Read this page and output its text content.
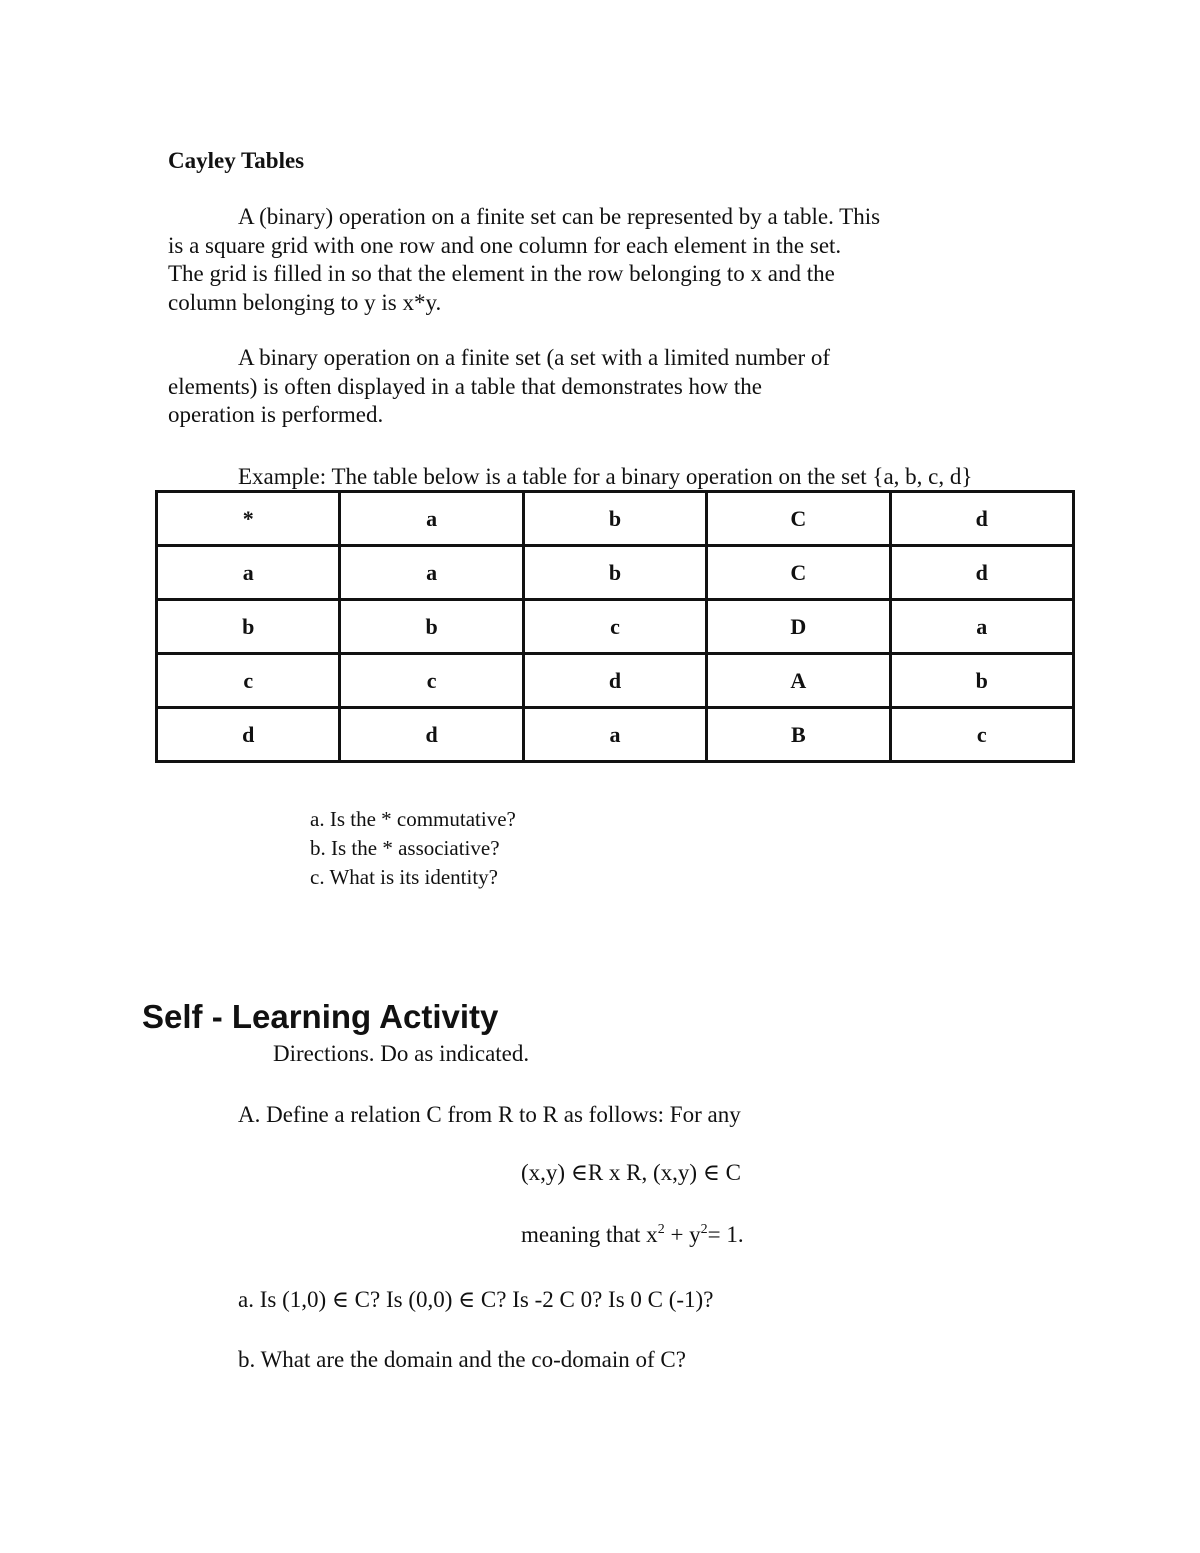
Cayley Tables
A (binary) operation on a finite set can be represented by a table. This
is a square grid with one row and one column for each element in the set.
The grid is filled in so that the element in the row belonging to x and the
column belonging to y is x*y.
A binary operation on a finite set (a set with a limited number of
elements) is often displayed in a table that demonstrates how the
operation is performed.
Example: The table below is a table for a binary operation on the set {a, b, c, d}
*	a	b	C	d
a	a	b	C	d
b	b	c	D	a
c	c	d	A	b
d	d	a	B	c
a. Is the * commutative?
b. Is the * associative?
c. What is its identity?
Self - Learning Activity
Directions. Do as indicated.
A. Define a relation C from R to R as follows: For any
(x,y) ∈R x R, (x,y) ∈ C
meaning that $x^2 + y^2= 1$.
a. Is (1,0) ∈ C? Is (0,0) ∈ C? Is -2 C 0? Is 0 C (-1)?
b. What are the domain and the co-domain of C?
